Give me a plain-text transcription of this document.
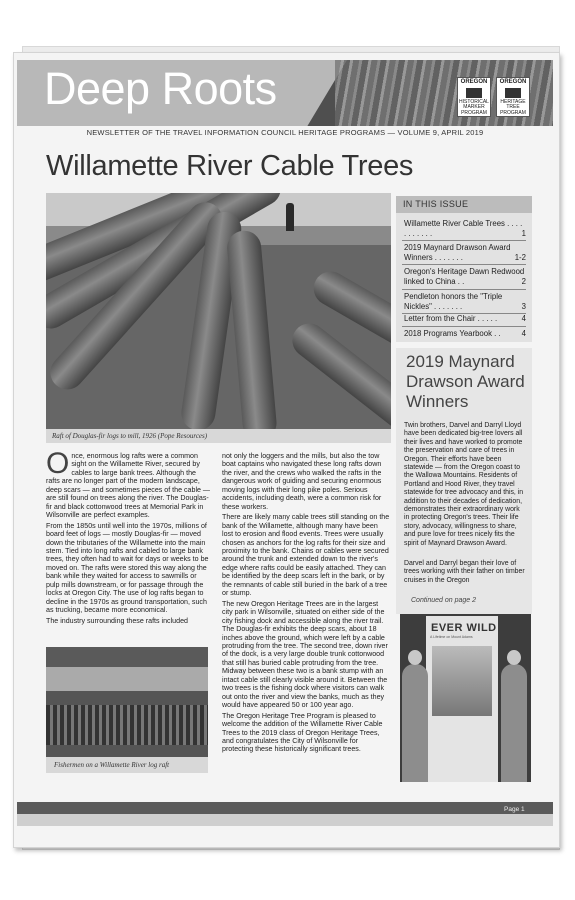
Deep Roots	OREGON
HISTORICAL
MARKER
PROGRAM
OREGON
HERITAGE
TREE
PROGRAM
NEWSLETTER OF THE TRAVEL INFORMATION COUNCIL HERITAGE PROGRAMS — VOLUME 9, APRIL 2019
Willamette River Cable Trees
Raft of Douglas-fir logs to mill, 1926 (Pope Resources)
IN THIS ISSUE
Willamette River Cable Trees . . . . . . . . . . .	1
2019 Maynard Drawson Award Winners . . . . . . .	1-2
Oregon's Heritage Dawn Redwood linked to China . .	2
Pendleton honors the "Triple Nickles" . . . . . . .	3
Letter from the Chair . . . . .	4
2018 Programs Yearbook . .	4
2019 Maynard Drawson Award Winners
Twin brothers, Darvel and Darryl Lloyd have been dedicated big-tree lovers all their lives and have worked to promote the preservation and care of trees in Oregon. Their efforts have been statewide — from the Oregon coast to the Wallowa Mountains. Residents of Portland and Hood River, they travel statewide for tree advocacy and this, in addition to their decades of dedication, demonstrates their extraordinary work in protecting Oregon's trees. Their life story, advocacy, willingness to share, and pure love for trees nicely fits the spirit of Maynard Drawson Award.
Darvel and Darryl began their love of trees working with their father on timber cruises in the Oregon
Continued on page 2
EVER WILD
A Lifetime on Mount Adams
O nce, enormous log rafts were a common sight on the Willamette River, secured by cables to large bank trees. Although the rafts are no longer part of the modern landscape, deep scars — and sometimes pieces of the cable — are still found on trees along the river. The Douglas-fir and black cottonwood trees at Memorial Park in Wilsonville are perfect examples.
From the 1850s until well into the 1970s, millions of board feet of logs — mostly Douglas-fir — moved down the tributaries of the Willamette into the main stem. Tied into long rafts and cabled to large bank trees, they often had to wait for days or weeks to be moved on. The rafts were stored this way along the bank while they waited for access to sawmills or pulp mills downstream, or for passage through the locks at Oregon City. The use of log rafts began to decline in the 1970s as ground transportation, such as trucking, became more economical.
The industry surrounding these rafts included
Fishermen on a Willamette River log raft
not only the loggers and the mills, but also the tow boat captains who navigated these long rafts down the river, and the crews who walked the rafts in the dangerous work of guiding and securing enormous moving logs with their long pike poles. Serious accidents, including death, were a common risk for these workers.
There are likely many cable trees still standing on the bank of the Willamette, although many have been lost to erosion and flood events. Trees were usually chosen as anchors for the log rafts for their size and proximity to the bank. Chains or cables were secured around the trunk and extended down to the river's edge where rafts could be easily attached. They can be identified by the deep scars left in the bark, or by the remnants of cable still buried in the bark of a tree or stump.
The new Oregon Heritage Trees are in the largest city park in Wilsonville, situated on either side of the city fishing dock and accessible along the river trail. The Douglas-fir exhibits the deep scars, about 18 inches above the ground, which were left by a cable protruding from the tree. The second tree, down river of the dock, is a very large double trunk cottonwood that still has buried cable protruding from the tree. Midway between these two is a bank stump with an intact cable still clearly visible around it. Between the two trees is the fishing dock where visitors can walk out onto the river and view the banks, much as they would have appeared 50 or 100 year ago.
The Oregon Heritage Tree Program is pleased to welcome the addition of the Willamette River Cable Trees to the 2019 class of Oregon Heritage Trees, and congratulates the City of Wilsonville for protecting these historically significant trees.
Page 1
